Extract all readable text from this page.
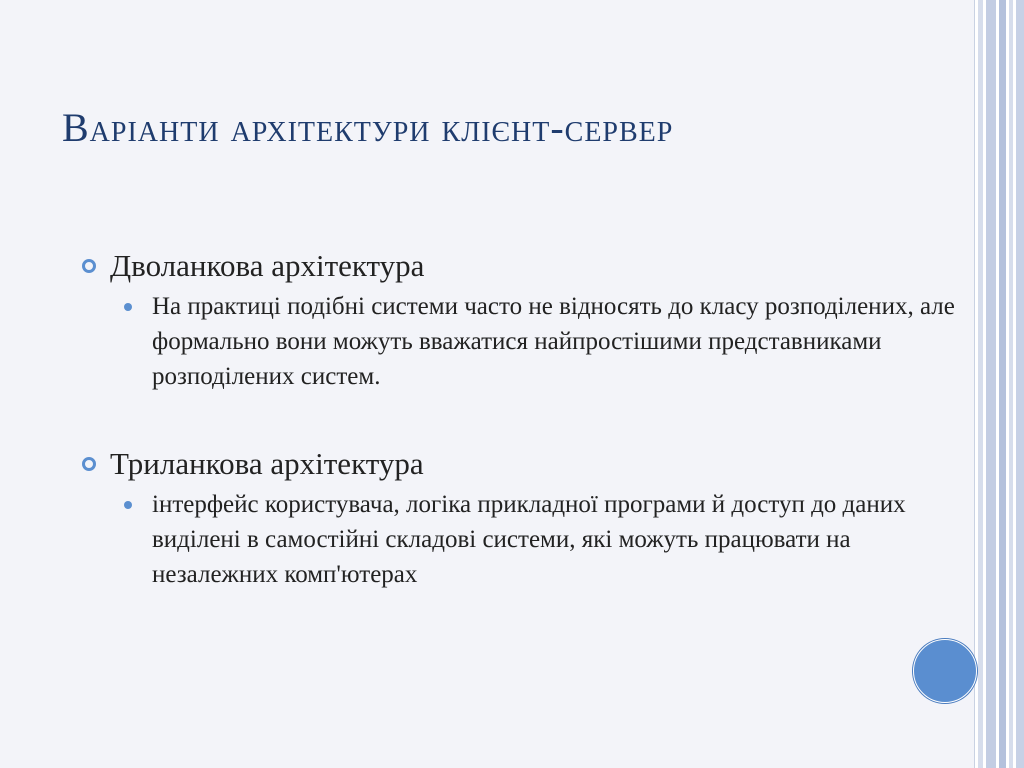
Варіанти архітектури клієнт-сервер
Дволанкова архітектура
На практиці подібні системи часто не відносять до класу розподілених, але формально вони можуть вважатися найпростішими представниками розподілених систем.
Триланкова архітектура
інтерфейс користувача, логіка прикладної програми й доступ до даних виділені в самостійні складові системи, які можуть працювати на незалежних комп'ютерах
